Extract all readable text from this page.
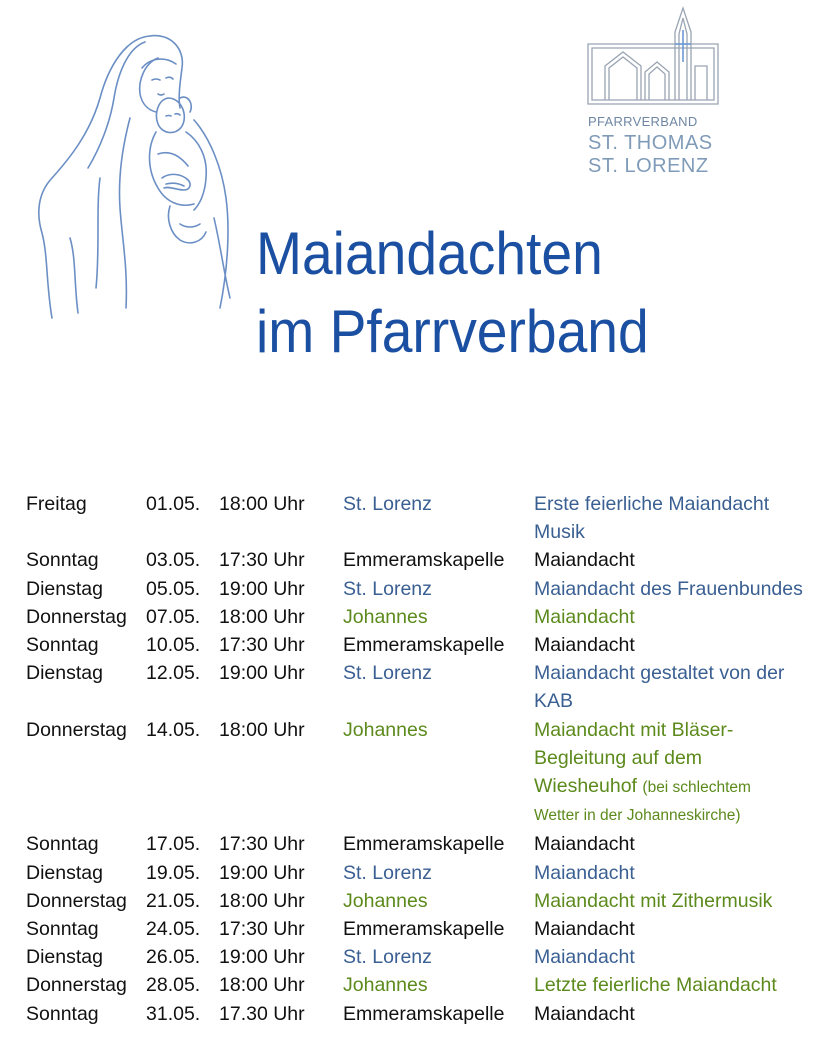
PFARRVERBAND
ST. THOMAS
ST. LORENZ
Maiandachten
im Pfarrverband
Freitag	01.05. 18:00 Uhr	St. Lorenz	Erste feierliche Maiandacht
Musik
Sonntag	03.05. 17:30 Uhr	Emmeramskapelle	Maiandacht
Dienstag	05.05. 19:00 Uhr	St. Lorenz	Maiandacht des Frauenbundes
Donnerstag 07.05. 18:00 Uhr	Johannes	Maiandacht
Sonntag	10.05. 17:30 Uhr	Emmeramskapelle	Maiandacht
Dienstag	12.05. 19:00 Uhr	St. Lorenz	Maiandacht gestaltet von der
KAB
Donnerstag 14.05. 18:00 Uhr	Johannes	Maiandacht mit Bläser-
Begleitung auf dem
Wiesheuhof (bei schlechtem
Wetter in der Johanneskirche)
Sonntag	17.05. 17:30 Uhr	Emmeramskapelle	Maiandacht
Dienstag	19.05. 19:00 Uhr	St. Lorenz	Maiandacht
Donnerstag 21.05. 18:00 Uhr	Johannes	Maiandacht mit Zithermusik
Sonntag	24.05. 17:30 Uhr	Emmeramskapelle	Maiandacht
Dienstag	26.05. 19:00 Uhr	St. Lorenz	Maiandacht
Donnerstag 28.05. 18:00 Uhr	Johannes	Letzte feierliche Maiandacht
Sonntag	31.05. 17.30 Uhr	Emmeramskapelle	Maiandacht
